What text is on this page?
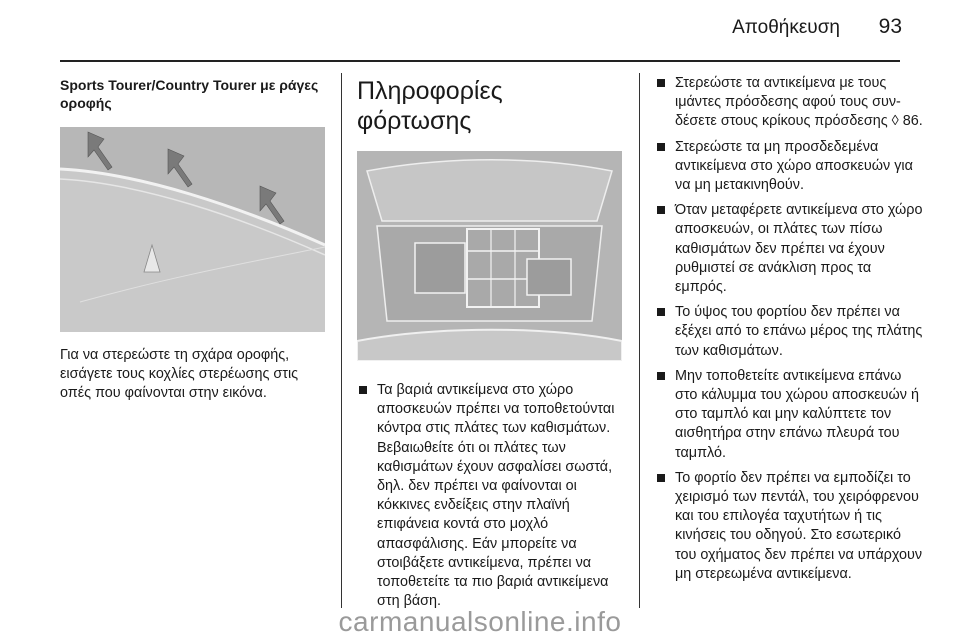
Αποθήκευση 93

Sports Tourer/Country Tourer με ράγες οροφής

Για να στερεώστε τη σχάρα οροφής, εισάγετε τους κοχλίες στερέωσης στις οπές που φαίνονται στην εικόνα.

Πληροφορίες φόρτωσης
Τα βαριά αντικείμενα στο χώρο αποσκευών πρέπει να τοποθετούνται κόντρα στις πλάτες των καθισμάτων. Βεβαιωθείτε ότι οι πλάτες των καθισμάτων έχουν ασφαλίσει σωστά, δηλ. δεν πρέπει να φαίνονται οι κόκκινες ενδείξεις στην πλαϊνή επιφάνεια κοντά στο μοχλό απασφάλισης. Εάν μπορείτε να στοιβάξετε αντικείμενα, πρέπει να τοποθετείτε τα πιο βαριά αντικείμενα στη βάση.
Στερεώστε τα αντικείμενα με τους ιμάντες πρόσδεσης αφού τους συνδέσετε στους κρίκους πρόσδεσης ◊ 86.
Στερεώστε τα μη προσδεδεμένα αντικείμενα στο χώρο αποσκευών για να μη μετακινηθούν.
Όταν μεταφέρετε αντικείμενα στο χώρο αποσκευών, οι πλάτες των πίσω καθισμάτων δεν πρέπει να έχουν ρυθμιστεί σε ανάκλιση προς τα εμπρός.
Το ύψος του φορτίου δεν πρέπει να εξέχει από το επάνω μέρος της πλάτης των καθισμάτων.
Μην τοποθετείτε αντικείμενα επάνω στο κάλυμμα του χώρου αποσκευών ή στο ταμπλό και μην καλύπτετε τον αισθητήρα στην επάνω πλευρά του ταμπλό.
Το φορτίο δεν πρέπει να εμποδίζει το χειρισμό των πεντάλ, του χειρόφρενου και του επιλογέα ταχυτήτων ή τις κινήσεις του οδηγού. Στο εσωτερικό του οχήματος δεν πρέπει να υπάρχουν μη στερεωμένα αντικείμενα.
carmanualsonline.info
